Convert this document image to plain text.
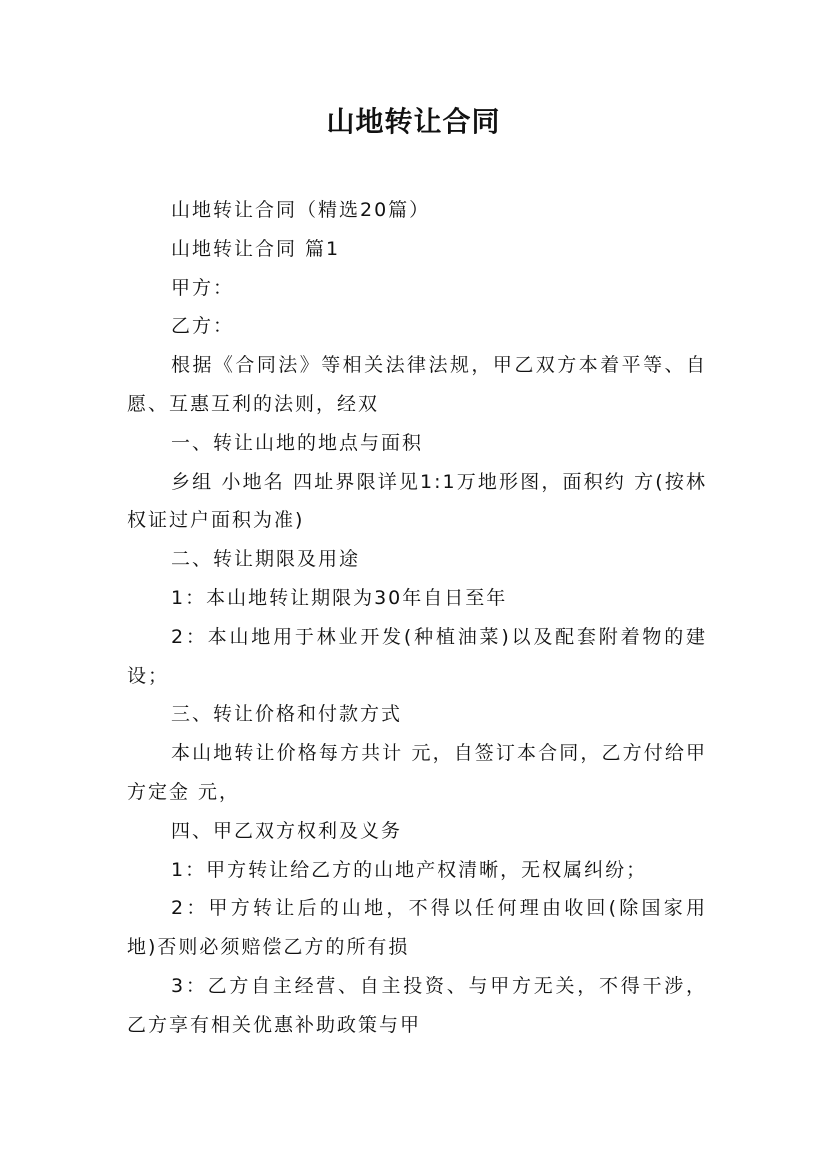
山地转让合同

山地转让合同（精选20篇）

山地转让合同 篇1

甲方：

乙方：

根据《合同法》等相关法律法规，甲乙双方本着平等、自愿、互惠互利的法则，经双

一、转让山地的地点与面积

乡组 小地名 四址界限详见1:1万地形图，面积约 方(按林权证过户面积为准)

二、转让期限及用途

1：本山地转让期限为30年自日至年

2：本山地用于林业开发(种植油菜)以及配套附着物的建设；

三、转让价格和付款方式

本山地转让价格每方共计 元，自签订本合同，乙方付给甲方定金 元，

四、甲乙双方权利及义务

1：甲方转让给乙方的山地产权清晰，无权属纠纷；

2：甲方转让后的山地，不得以任何理由收回(除国家用地)否则必须赔偿乙方的所有损

3：乙方自主经营、自主投资、与甲方无关，不得干涉，乙方享有相关优惠补助政策与甲
